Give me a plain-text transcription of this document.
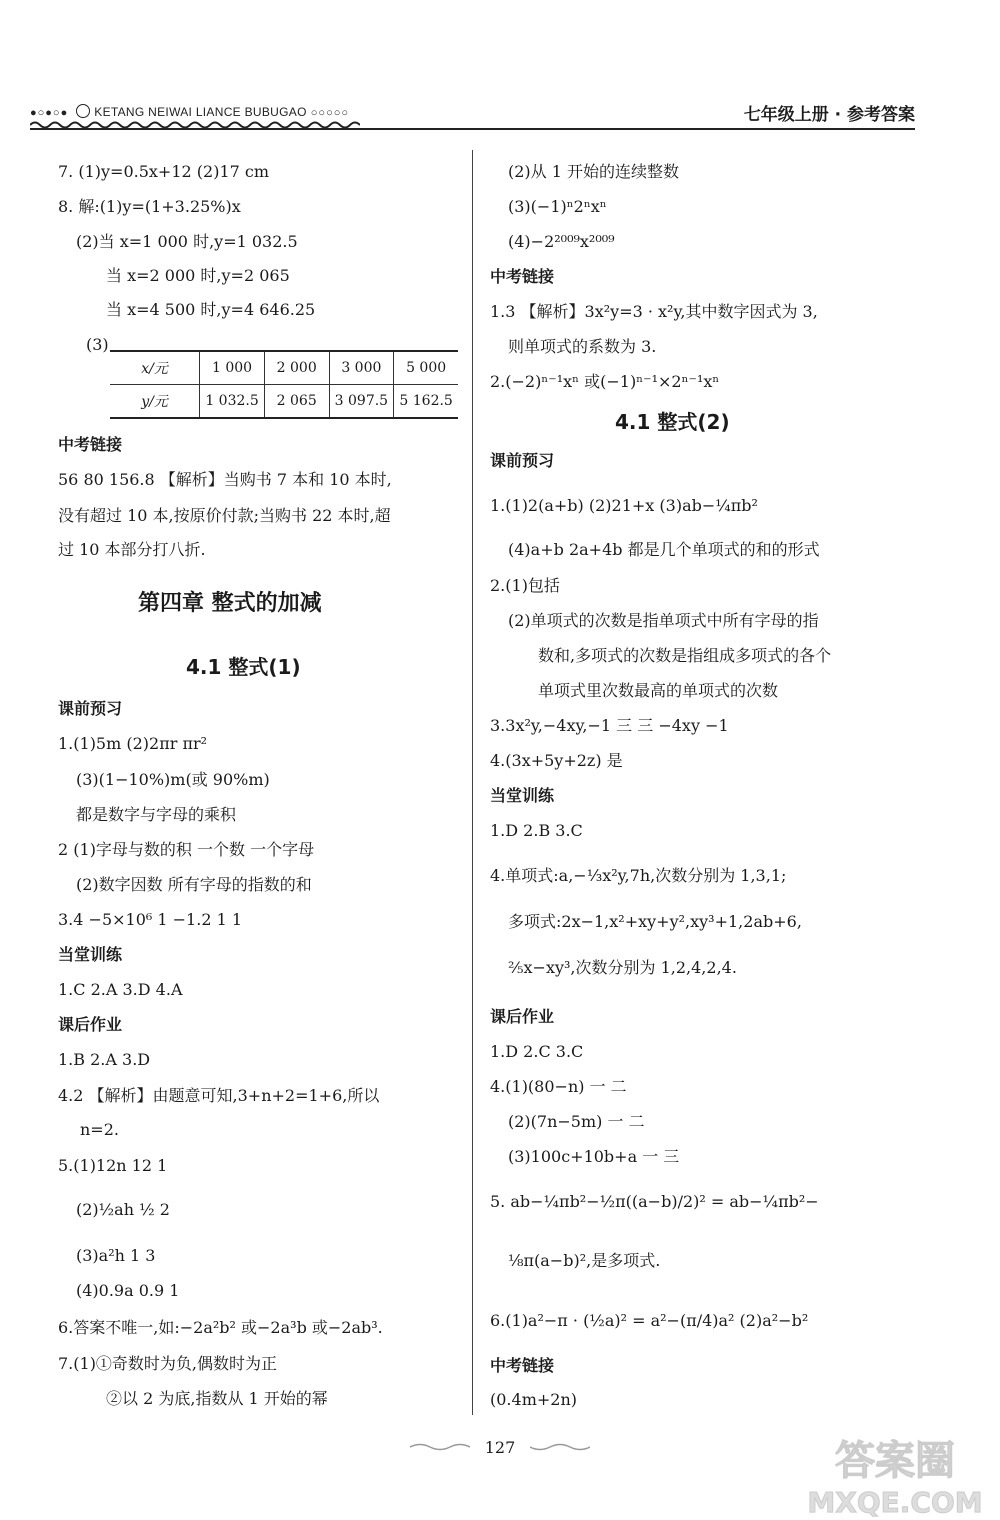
●○●○● KETANG NEIWAI LIANCE BUBUGAO ○○○○○	七年级上册 · 参考答案
7. (1)y=0.5x+12 (2)17 cm
8. 解:(1)y=(1+3.25%)x
(2)当 x=1 000 时,y=1 032.5
当 x=2 000 时,y=2 065
当 x=4 500 时,y=4 646.25
(3)
x/元	1 000	2 000	3 000	5 000
y/元	1 032.5	2 065	3 097.5	5 162.5
中考链接
56 80 156.8 【解析】当购书 7 本和 10 本时,
没有超过 10 本,按原价付款;当购书 22 本时,超
过 10 本部分打八折.
第四章 整式的加减
4.1 整式(1)
课前预习
1.(1)5m (2)2πr πr²
(3)(1−10%)m(或 90%m)
都是数字与字母的乘积
2 (1)字母与数的积 一个数 一个字母
(2)数字因数 所有字母的指数的和
3.4 −5×10⁶ 1 −1.2 1 1
当堂训练
1.C 2.A 3.D 4.A
课后作业
1.B 2.A 3.D
4.2 【解析】由题意可知,3+n+2=1+6,所以
n=2.
5.(1)12n 12 1
(2)½ah ½ 2
(3)a²h 1 3
(4)0.9a 0.9 1
6.答案不唯一,如:−2a²b² 或−2a³b 或−2ab³.
7.(1)①奇数时为负,偶数时为正
②以 2 为底,指数从 1 开始的幂
(2)从 1 开始的连续整数
(3)(−1)ⁿ2ⁿxⁿ
(4)−2²⁰⁰⁹x²⁰⁰⁹
中考链接
1.3 【解析】3x²y=3 · x²y,其中数字因式为 3,
则单项式的系数为 3.
2.(−2)ⁿ⁻¹xⁿ 或(−1)ⁿ⁻¹×2ⁿ⁻¹xⁿ
4.1 整式(2)
课前预习
1.(1)2(a+b) (2)21+x (3)ab−¼πb²
(4)a+b 2a+4b 都是几个单项式的和的形式
2.(1)包括
(2)单项式的次数是指单项式中所有字母的指
数和,多项式的次数是指组成多项式的各个
单项式里次数最高的单项式的次数
3.3x²y,−4xy,−1 三 三 −4xy −1
4.(3x+5y+2z) 是
当堂训练
1.D 2.B 3.C
4.单项式:a,−⅓x²y,7h,次数分别为 1,3,1;
多项式:2x−1,x²+xy+y²,xy³+1,2ab+6,
⅖x−xy³,次数分别为 1,2,4,2,4.
课后作业
1.D 2.C 3.C
4.(1)(80−n) 一 二
(2)(7n−5m) 一 二
(3)100c+10b+a 一 三
5. ab−¼πb²−½π((a−b)/2)² = ab−¼πb²−
⅛π(a−b)²,是多项式.
6.(1)a²−π · (½a)² = a²−(π/4)a² (2)a²−b²
中考链接
(0.4m+2n)
127	答案圈
MXQE.COM
